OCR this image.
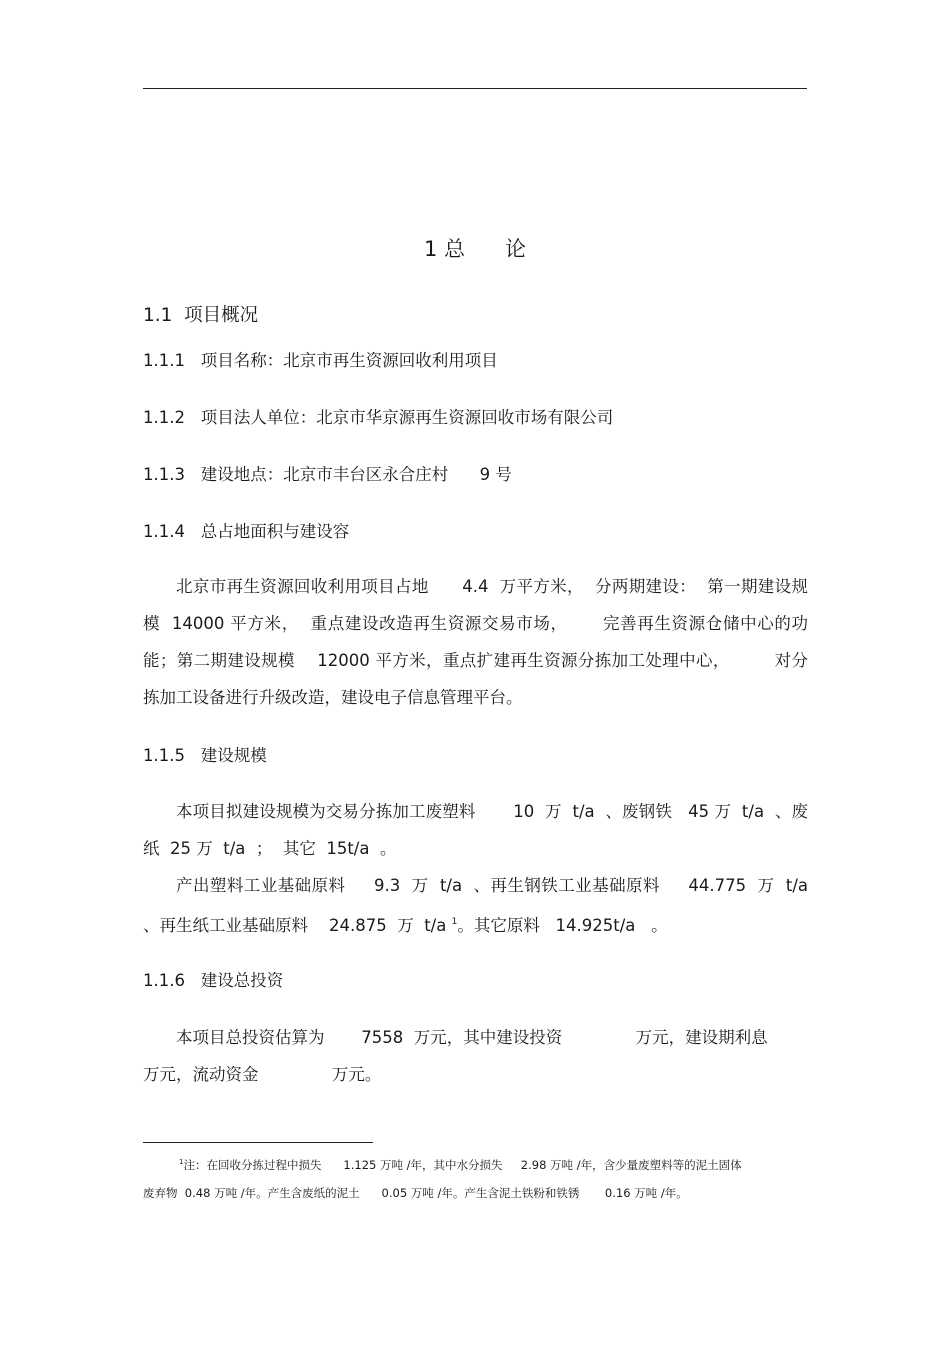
1 总      论
1.1  项目概况
1.1.1   项目名称：北京市再生资源回收利用项目
1.1.2   项目法人单位：北京市华京源再生资源回收市场有限公司
1.1.3   建设地点：北京市丰台区永合庄村      9 号
1.1.4   总占地面积与建设容

北京市再生资源回收利用项目占地      4.4  万平方米，  分两期建设：  第一期建设规模  14000 平方米，  重点建设改造再生资源交易市场，      完善再生资源仓储中心的功能；第二期建设规模    12000 平方米，重点扩建再生资源分拣加工处理中心，        对分拣加工设备进行升级改造，建设电子信息管理平台。

1.1.5   建设规模

本项目拟建设规模为交易分拣加工废塑料       10  万  t/a  、废钢铁   45 万  t/a  、废纸  25 万  t/a  ；  其它  15t/a  。

产出塑料工业基础原料     9.3  万  t/a  、再生钢铁工业基础原料     44.775  万  t/a  、再生纸工业基础原料    24.875  万  t/a $^1$。其它原料   14.925t/a   。

1.1.6   建设总投资

本项目总投资估算为       7558  万元，其中建设投资              万元，建设期利息

万元，流动资金              万元。

$^1$注：在回收分拣过程中损失      1.125 万吨 /年，其中水分损失     2.98 万吨 /年，含少量废塑料等的泥土固体

废弃物  0.48 万吨 /年。产生含废纸的泥土      0.05 万吨 /年。产生含泥土铁粉和铁锈       0.16 万吨 /年。
